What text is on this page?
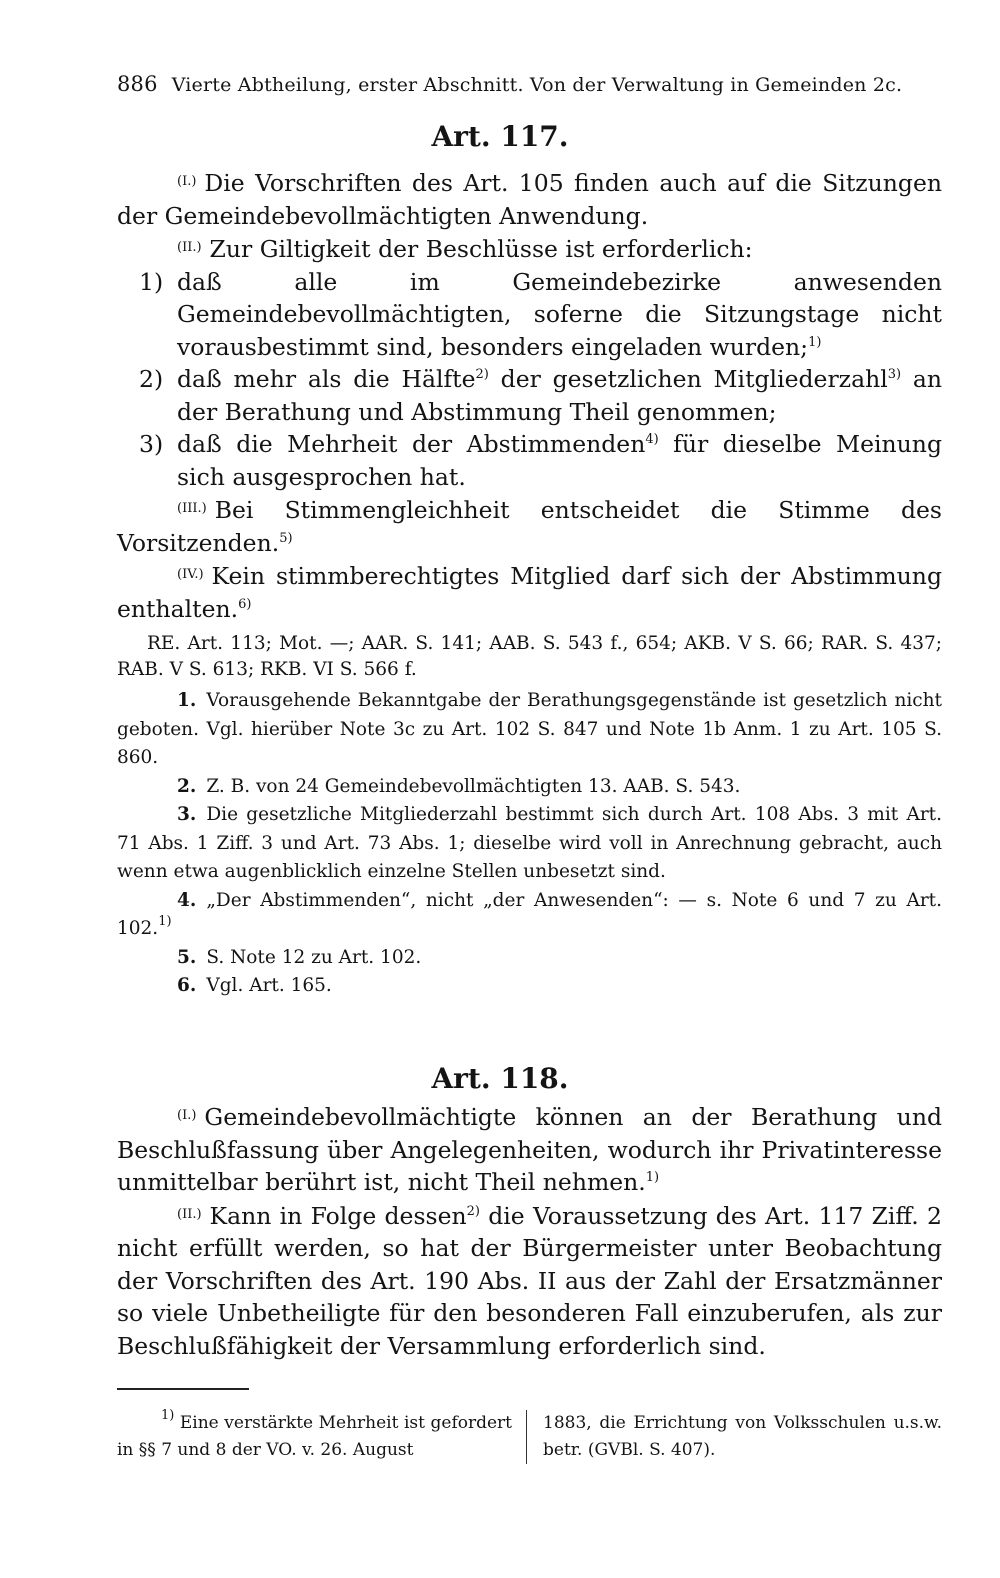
886 Vierte Abtheilung, erster Abschnitt. Von der Verwaltung in Gemeinden 2c.
Art. 117.

$^{(I.)}$ Die Vorschriften des Art. 105 finden auch auf die Sitzungen der Gemeindebevollmächtigten Anwendung.

$^{(II.)}$ Zur Giltigkeit der Beschlüsse ist erforderlich:

1) daß alle im Gemeindebezirke anwesenden Gemeindebevollmächtigten, soferne die Sitzungstage nicht vorausbestimmt sind, besonders eingeladen wurden;$^{1)}$
2) daß mehr als die Hälfte$^{2)}$ der gesetzlichen Mitgliederzahl$^{3)}$ an der Berathung und Abstimmung Theil genommen;
3) daß die Mehrheit der Abstimmenden$^{4)}$ für dieselbe Meinung sich ausgesprochen hat.

$^{(III.)}$ Bei Stimmengleichheit entscheidet die Stimme des Vorsitzenden.$^{5)}$

$^{(IV.)}$ Kein stimmberechtigtes Mitglied darf sich der Abstimmung enthalten.$^{6)}$

RE. Art. 113; Mot. —; AAR. S. 141; AAB. S. 543 f., 654; AKB. V S. 66; RAR. S. 437; RAB. V S. 613; RKB. VI S. 566 f.

1. Vorausgehende Bekanntgabe der Berathungsgegenstände ist gesetzlich nicht geboten. Vgl. hierüber Note 3c zu Art. 102 S. 847 und Note 1b Anm. 1 zu Art. 105 S. 860.

2. Z. B. von 24 Gemeindebevollmächtigten 13. AAB. S. 543.

3. Die gesetzliche Mitgliederzahl bestimmt sich durch Art. 108 Abs. 3 mit Art. 71 Abs. 1 Ziff. 3 und Art. 73 Abs. 1; dieselbe wird voll in Anrechnung gebracht, auch wenn etwa augenblicklich einzelne Stellen unbesetzt sind.

4. „Der Abstimmenden“, nicht „der Anwesenden“: — s. Note 6 und 7 zu Art. 102.$^{1)}$

5. S. Note 12 zu Art. 102.

6. Vgl. Art. 165.

Art. 118.

$^{(I.)}$ Gemeindebevollmächtigte können an der Berathung und Beschlußfassung über Angelegenheiten, wodurch ihr Privatinteresse unmittelbar berührt ist, nicht Theil nehmen.$^{1)}$

$^{(II.)}$ Kann in Folge dessen$^{2)}$ die Voraussetzung des Art. 117 Ziff. 2 nicht erfüllt werden, so hat der Bürgermeister unter Beobachtung der Vorschriften des Art. 190 Abs. II aus der Zahl der Ersatzmänner so viele Unbetheiligte für den besonderen Fall einzuberufen, als zur Beschlußfähigkeit der Versammlung erforderlich sind.

$^{1)}$ Eine verstärkte Mehrheit ist gefordert in §§ 7 und 8 der VO. v. 26. August
1883, die Errichtung von Volksschulen u.s.w. betr. (GVBl. S. 407).
